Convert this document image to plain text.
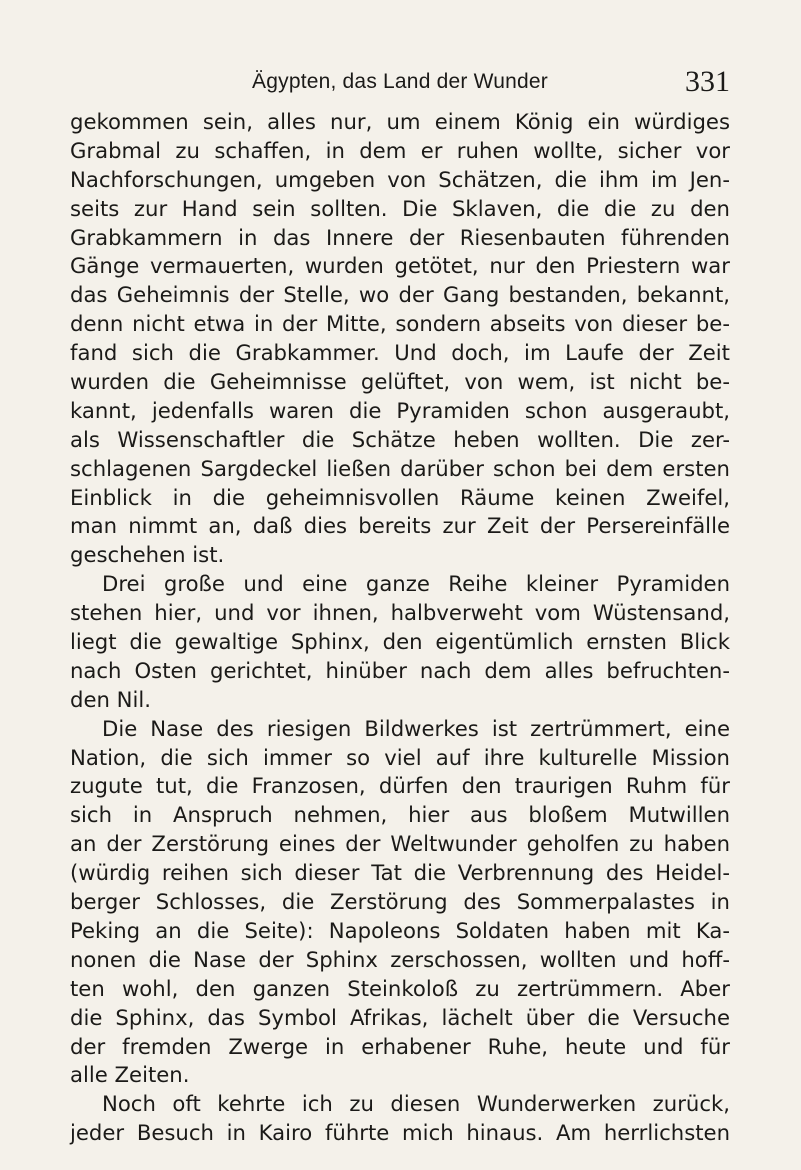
Ägypten, das Land der Wunder	331
gekommen sein, alles nur, um einem König ein würdiges
Grabmal zu schaffen, in dem er ruhen wollte, sicher vor
Nachforschungen, umgeben von Schätzen, die ihm im Jen-
seits zur Hand sein sollten. Die Sklaven, die die zu den
Grabkammern in das Innere der Riesenbauten führenden
Gänge vermauerten, wurden getötet, nur den Priestern war
das Geheimnis der Stelle, wo der Gang bestanden, bekannt,
denn nicht etwa in der Mitte, sondern abseits von dieser be-
fand sich die Grabkammer. Und doch, im Laufe der Zeit
wurden die Geheimnisse gelüftet, von wem, ist nicht be-
kannt, jedenfalls waren die Pyramiden schon ausgeraubt,
als Wissenschaftler die Schätze heben wollten. Die zer-
schlagenen Sargdeckel ließen darüber schon bei dem ersten
Einblick in die geheimnisvollen Räume keinen Zweifel,
man nimmt an, daß dies bereits zur Zeit der Persereinfälle
geschehen ist.
Drei große und eine ganze Reihe kleiner Pyramiden
stehen hier, und vor ihnen, halbverweht vom Wüstensand,
liegt die gewaltige Sphinx, den eigentümlich ernsten Blick
nach Osten gerichtet, hinüber nach dem alles befruchten-
den Nil.
Die Nase des riesigen Bildwerkes ist zertrümmert, eine
Nation, die sich immer so viel auf ihre kulturelle Mission
zugute tut, die Franzosen, dürfen den traurigen Ruhm für
sich in Anspruch nehmen, hier aus bloßem Mutwillen
an der Zerstörung eines der Weltwunder geholfen zu haben
(würdig reihen sich dieser Tat die Verbrennung des Heidel-
berger Schlosses, die Zerstörung des Sommerpalastes in
Peking an die Seite): Napoleons Soldaten haben mit Ka-
nonen die Nase der Sphinx zerschossen, wollten und hoff-
ten wohl, den ganzen Steinkoloß zu zertrümmern. Aber
die Sphinx, das Symbol Afrikas, lächelt über die Versuche
der fremden Zwerge in erhabener Ruhe, heute und für
alle Zeiten.
Noch oft kehrte ich zu diesen Wunderwerken zurück,
jeder Besuch in Kairo führte mich hinaus. Am herrlichsten
